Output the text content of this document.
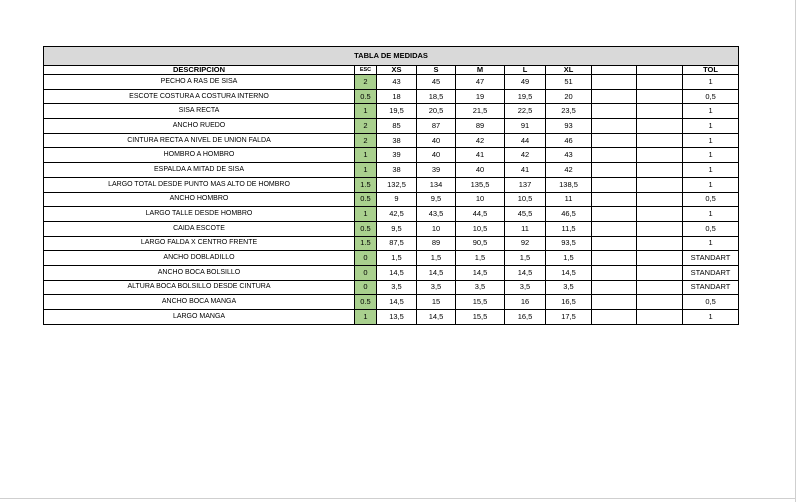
TABLA DE MEDIDAS									
DESCRIPCION	ESC	XS	S	M	L	XL			TOL
PECHO A RAS DE SISA	2	43	45	47	49	51			1
ESCOTE COSTURA A COSTURA INTERNO	0.5	18	18,5	19	19,5	20			0,5
SISA RECTA	1	19,5	20,5	21,5	22,5	23,5			1
ANCHO RUEDO	2	85	87	89	91	93			1
CINTURA RECTA A NIVEL DE UNION FALDA	2	38	40	42	44	46			1
HOMBRO A HOMBRO	1	39	40	41	42	43			1
ESPALDA A MITAD DE SISA	1	38	39	40	41	42			1
LARGO TOTAL DESDE PUNTO MAS ALTO DE HOMBRO	1.5	132,5	134	135,5	137	138,5			1
ANCHO HOMBRO	0.5	9	9,5	10	10,5	11			0,5
LARGO TALLE DESDE HOMBRO	1	42,5	43,5	44,5	45,5	46,5			1
CAIDA ESCOTE	0.5	9,5	10	10,5	11	11,5			0,5
LARGO FALDA X CENTRO FRENTE	1.5	87,5	89	90,5	92	93,5			1
ANCHO DOBLADILLO	0	1,5	1,5	1,5	1,5	1,5			STANDART
ANCHO BOCA BOLSILLO	0	14,5	14,5	14,5	14,5	14,5			STANDART
ALTURA BOCA BOLSILLO DESDE CINTURA	0	3,5	3,5	3,5	3,5	3,5			STANDART
ANCHO BOCA MANGA	0.5	14,5	15	15,5	16	16,5			0,5
LARGO MANGA	1	13,5	14,5	15,5	16,5	17,5			1
